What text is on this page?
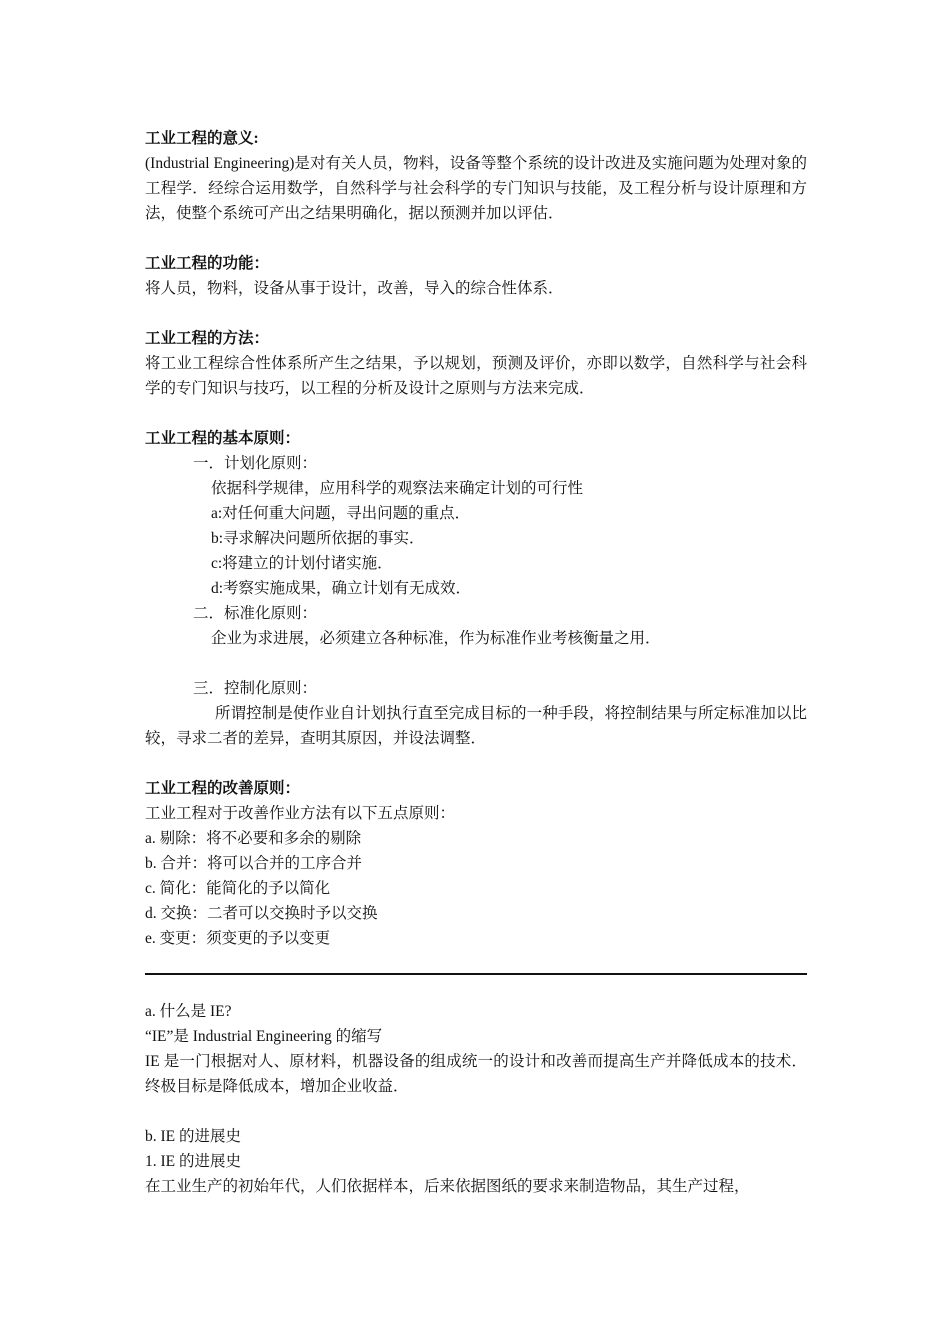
工业工程的意义:
(Industrial Engineering)是对有关人员，物料，设备等整个系统的设计改进及实施问题为处理对象的工程学．经综合运用数学，自然科学与社会科学的专门知识与技能，及工程分析与设计原理和方法，使整个系统可产出之结果明确化，据以预测并加以评估．
工业工程的功能：
将人员，物料，设备从事于设计，改善，导入的综合性体系．
工业工程的方法：
将工业工程综合性体系所产生之结果，予以规划，预测及评价，亦即以数学，自然科学与社会科学的专门知识与技巧，以工程的分析及设计之原则与方法来完成．
工业工程的基本原则：
一．计划化原则：
依据科学规律，应用科学的观察法来确定计划的可行性
a:对任何重大问题，寻出问题的重点．
b:寻求解决问题所依据的事实．
c:将建立的计划付诸实施．
d:考察实施成果，确立计划有无成效．
二．标准化原则：
企业为求进展，必须建立各种标准，作为标准作业考核衡量之用．
三．控制化原则：
所谓控制是使作业自计划执行直至完成目标的一种手段，将控制结果与所定标准加以比较，寻求二者的差异，查明其原因，并设法调整．
工业工程的改善原则：
工业工程对于改善作业方法有以下五点原则：
a. 剔除：将不必要和多余的剔除
b. 合并：将可以合并的工序合并
c. 简化：能简化的予以简化
d. 交换：二者可以交换时予以交换
e. 变更：须变更的予以变更
a. 什么是 IE?
“IE”是 Industrial Engineering 的缩写
IE 是一门根据对人、原材料，机器设备的组成统一的设计和改善而提高生产并降低成本的技术．终极目标是降低成本，增加企业收益．
b. IE 的进展史
1. IE 的进展史
在工业生产的初始年代，人们依据样本，后来依据图纸的要求来制造物品，其生产过程，
